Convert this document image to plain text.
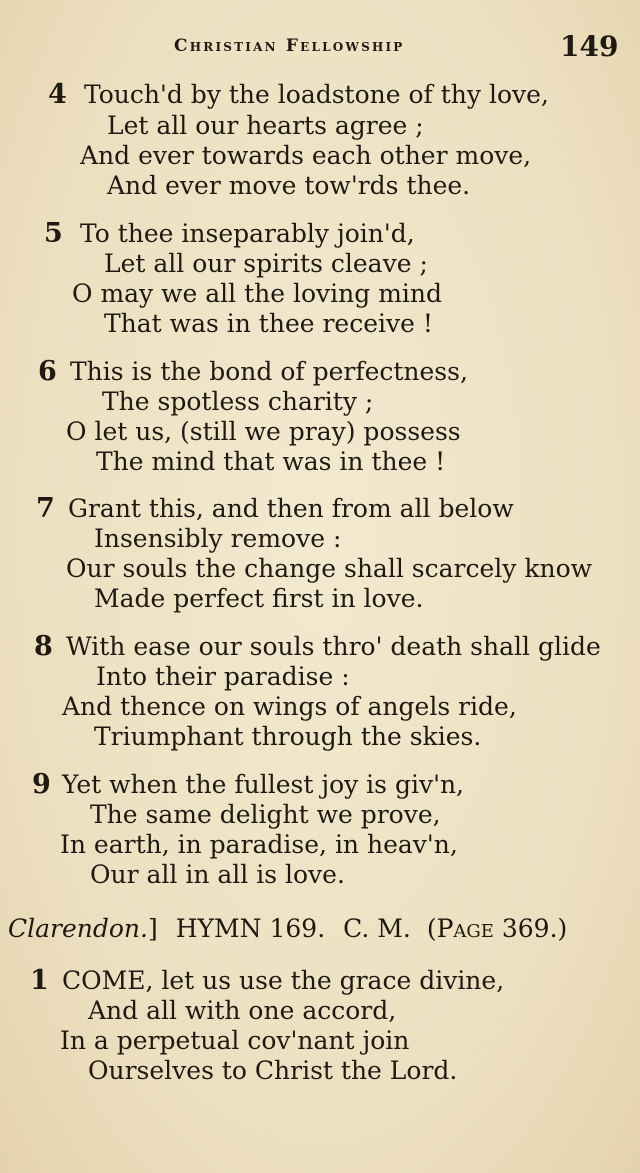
Christian Fellowship	149
4 Touch'd by the loadstone of thy love,
Let all our hearts agree ;
And ever towards each other move,
And ever move tow'rds thee.
5 To thee inseparably join'd,
Let all our spirits cleave ;
O may we all the loving mind
That was in thee receive !
6 This is the bond of perfectness,
The spotless charity ;
O let us, (still we pray) possess
The mind that was in thee !
7 Grant this, and then from all below
Insensibly remove :
Our souls the change shall scarcely know
Made perfect first in love.
8 With ease our souls thro' death shall glide
Into their paradise :
And thence on wings of angels ride,
Triumphant through the skies.
9 Yet when the fullest joy is giv'n,
The same delight we prove,
In earth, in paradise, in heav'n,
Our all in all is love.
Clarendon.] HYMN 169. C. M. (Page 369.)
1 COME, let us use the grace divine,
And all with one accord,
In a perpetual cov'nant join
Ourselves to Christ the Lord.
